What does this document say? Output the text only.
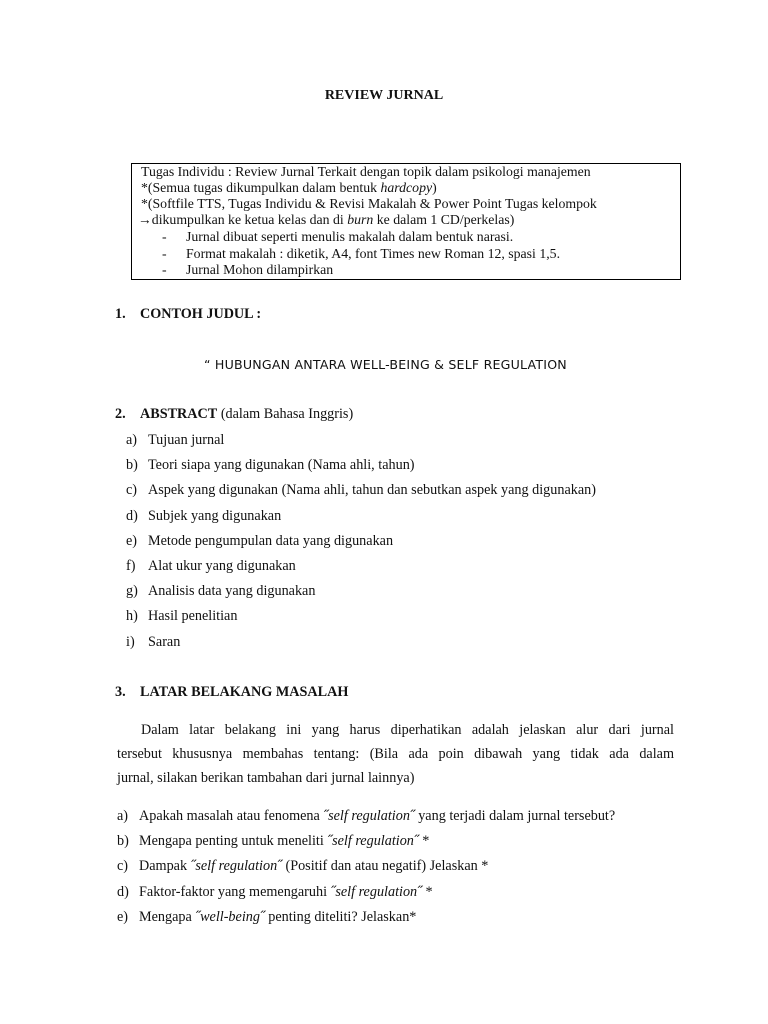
REVIEW JURNAL
Tugas Individu : Review Jurnal Terkait dengan topik dalam psikologi manajemen
*(Semua tugas dikumpulkan dalam bentuk hardcopy)
*(Softfile TTS, Tugas Individu & Revisi Makalah & Power Point Tugas kelompok
→dikumpulkan ke ketua kelas dan di burn ke dalam 1 CD/perkelas)
- Jurnal dibuat seperti menulis makalah dalam bentuk narasi.
- Format makalah : diketik, A4, font Times new Roman 12, spasi 1,5.
- Jurnal Mohon dilampirkan
1. CONTOH JUDUL :
“ HUBUNGAN ANTARA WELL-BEING & SELF REGULATION
2. ABSTRACT (dalam Bahasa Inggris)
a) Tujuan jurnal
b) Teori siapa yang digunakan (Nama ahli, tahun)
c) Aspek yang digunakan (Nama ahli, tahun dan sebutkan aspek yang digunakan)
d) Subjek yang digunakan
e) Metode pengumpulan data yang digunakan
f) Alat ukur yang digunakan
g) Analisis data yang digunakan
h) Hasil penelitian
i) Saran
3. LATAR BELAKANG MASALAH
Dalam latar belakang ini yang harus diperhatikan adalah jelaskan alur dari jurnal
tersebut khususnya membahas tentang: (Bila ada poin dibawah yang tidak ada dalam
jurnal, silakan berikan tambahan dari jurnal lainnya)
a) Apakah masalah atau fenomena ˝self regulation˝ yang terjadi dalam jurnal tersebut?
b) Mengapa penting untuk meneliti ˝self regulation˝ *
c) Dampak ˝self regulation˝ (Positif dan atau negatif) Jelaskan *
d) Faktor-faktor yang memengaruhi ˝self regulation˝ *
e) Mengapa ˝well-being˝ penting diteliti? Jelaskan*
